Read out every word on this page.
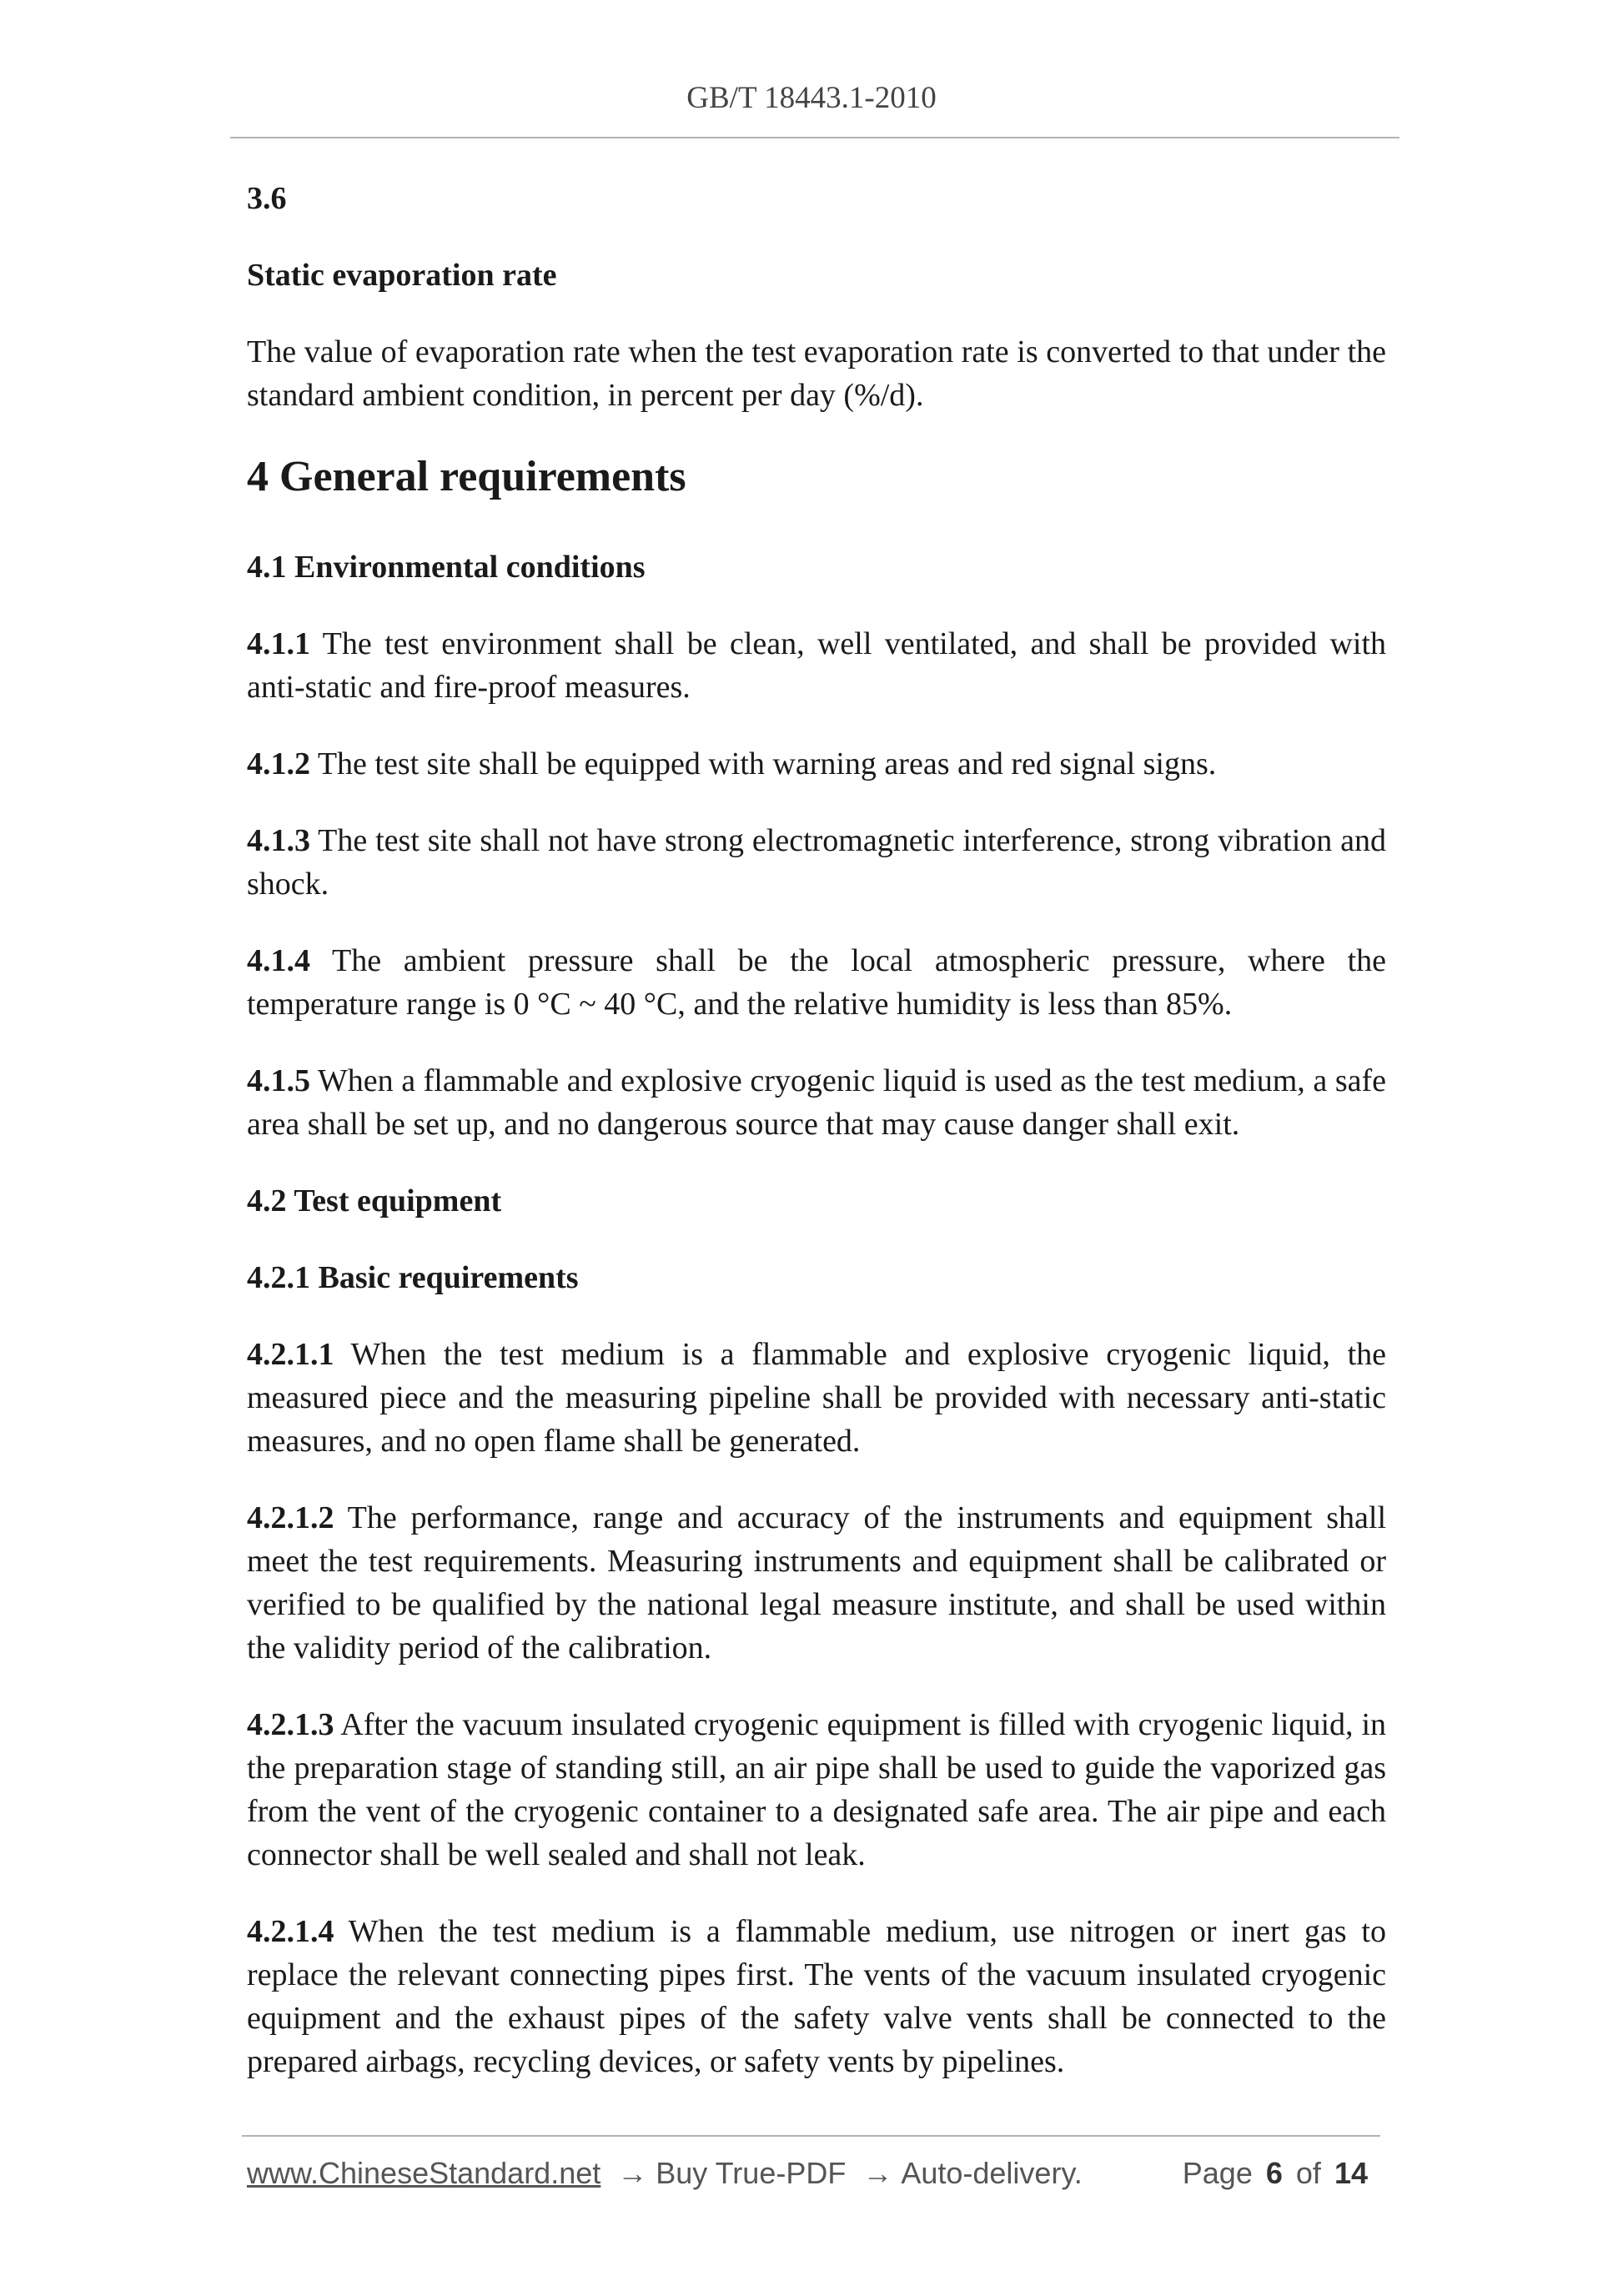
GB/T 18443.1-2010
3.6
Static evaporation rate

The value of evaporation rate when the test evaporation rate is converted to that under the standard ambient condition, in percent per day (%/d).

4 General requirements
4.1 Environmental conditions

4.1.1 The test environment shall be clean, well ventilated, and shall be provided with anti-static and fire-proof measures.

4.1.2 The test site shall be equipped with warning areas and red signal signs.

4.1.3 The test site shall not have strong electromagnetic interference, strong vibration and shock.

4.1.4 The ambient pressure shall be the local atmospheric pressure, where the temperature range is 0 °C ~ 40 °C, and the relative humidity is less than 85%.

4.1.5 When a flammable and explosive cryogenic liquid is used as the test medium, a safe area shall be set up, and no dangerous source that may cause danger shall exit.

4.2 Test equipment
4.2.1 Basic requirements

4.2.1.1 When the test medium is a flammable and explosive cryogenic liquid, the measured piece and the measuring pipeline shall be provided with necessary anti-static measures, and no open flame shall be generated.

4.2.1.2 The performance, range and accuracy of the instruments and equipment shall meet the test requirements. Measuring instruments and equipment shall be calibrated or verified to be qualified by the national legal measure institute, and shall be used within the validity period of the calibration.

4.2.1.3 After the vacuum insulated cryogenic equipment is filled with cryogenic liquid, in the preparation stage of standing still, an air pipe shall be used to guide the vaporized gas from the vent of the cryogenic container to a designated safe area. The air pipe and each connector shall be well sealed and shall not leak.

4.2.1.4 When the test medium is a flammable medium, use nitrogen or inert gas to replace the relevant connecting pipes first. The vents of the vacuum insulated cryogenic equipment and the exhaust pipes of the safety valve vents shall be connected to the prepared airbags, recycling devices, or safety vents by pipelines.

www.ChineseStandard.net → Buy True-PDF → Auto-delivery.	Page 6 of 14
